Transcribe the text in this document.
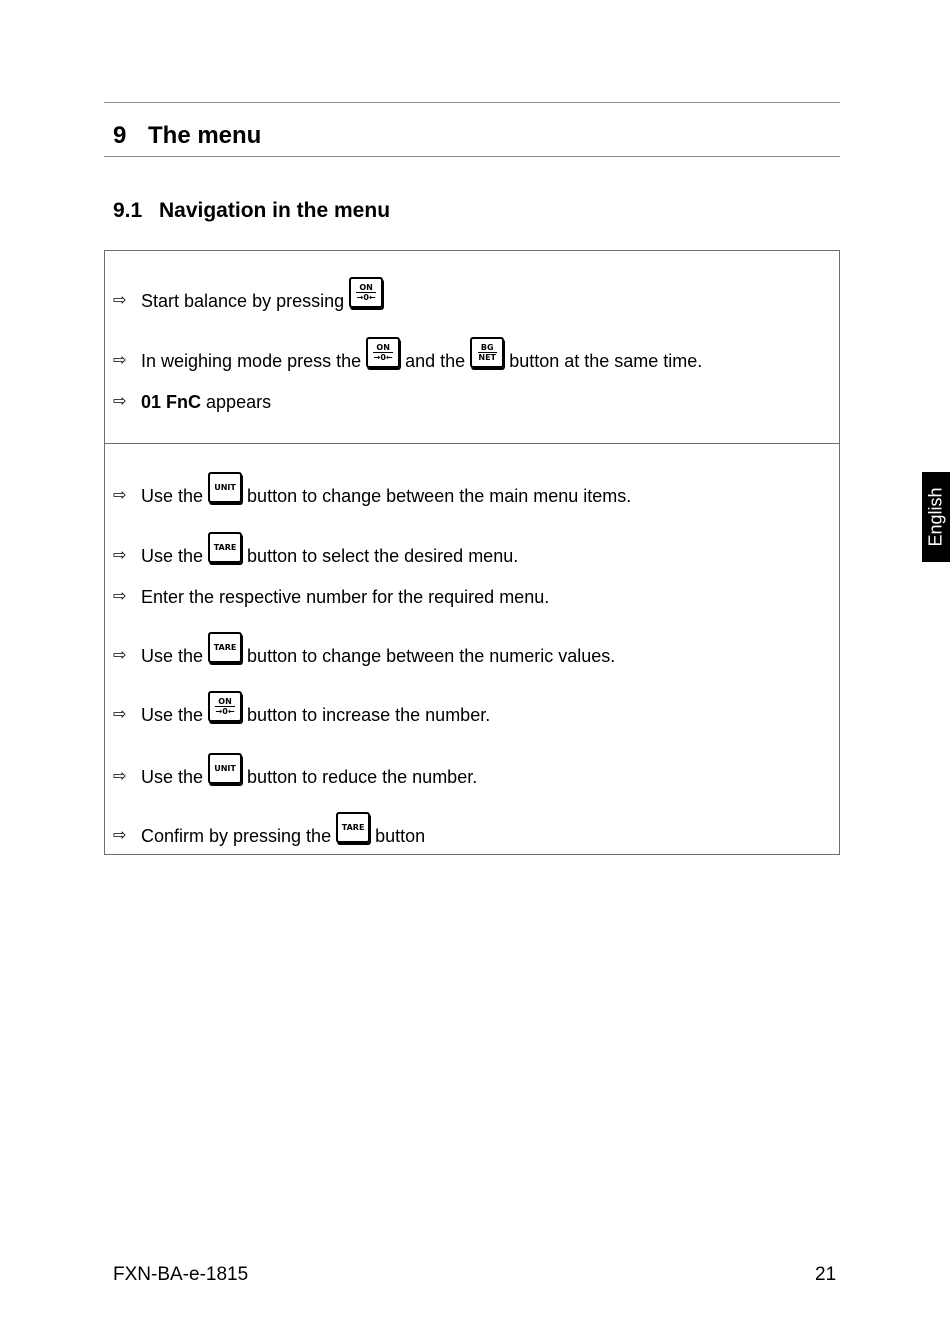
9 The menu
9.1 Navigation in the menu
⇨ Start balance by pressing
ON
→0←
⇨ In weighing mode press the
ON
→0← and the
BG
NET button at the same time.
⇨ 01 FnC appears
⇨ Use the	UNIT button to change between the main menu items.
⇨ Use the	TARE button to select the desired menu.
⇨ Enter the respective number for the required menu.
⇨ Use the	TARE button to change between the numeric values.
⇨ Use the
ON
→0← button to increase the number.
⇨ Use the	UNIT button to reduce the number.
⇨ Confirm by pressing the	TARE button
English
FXN-BA-e-1815	21
